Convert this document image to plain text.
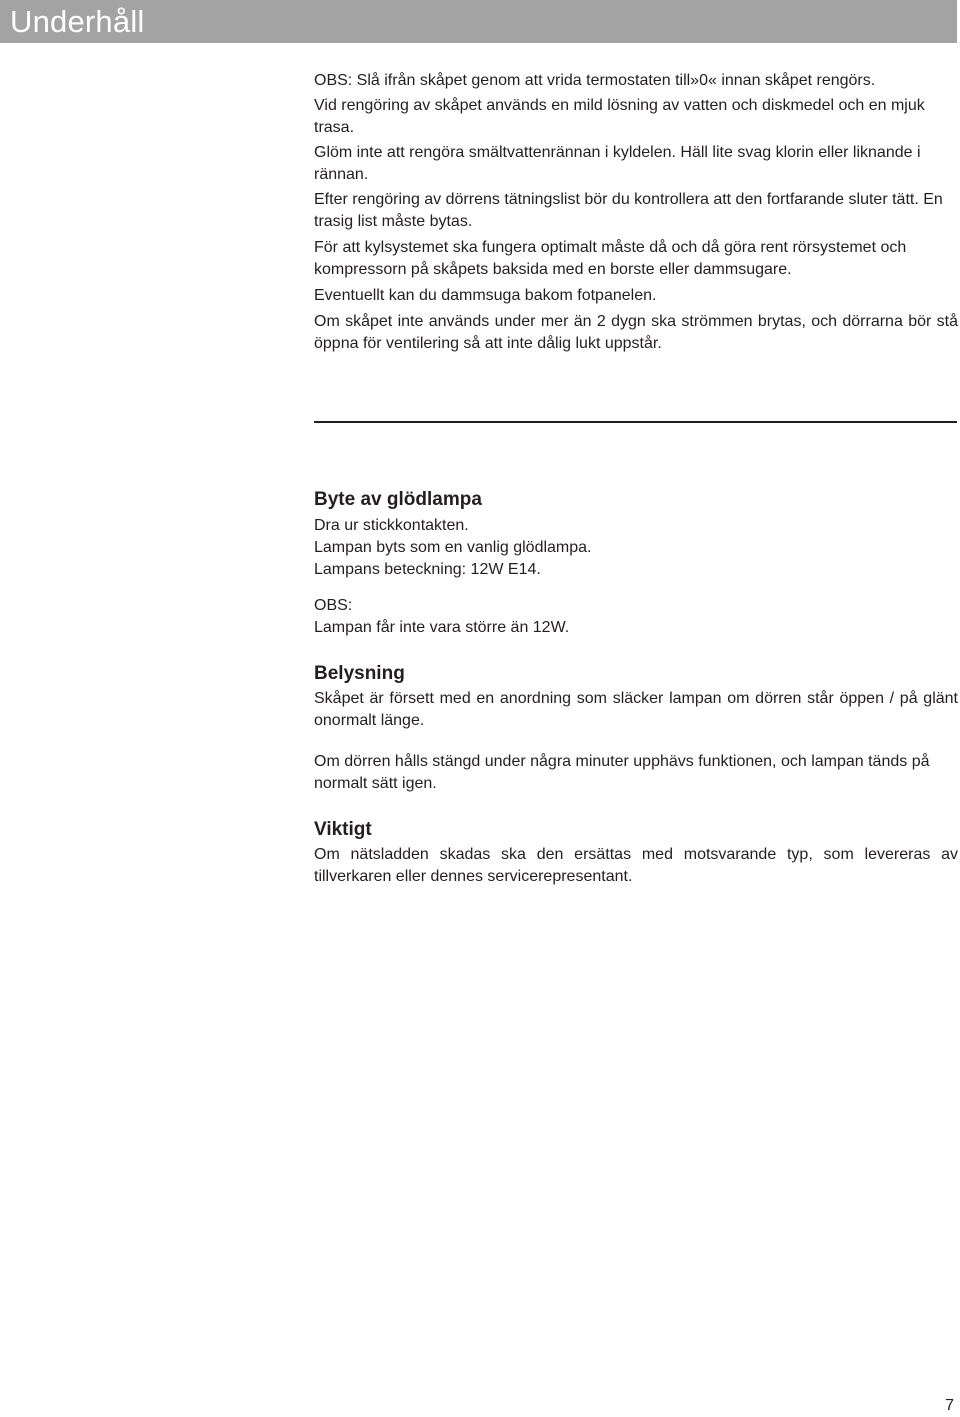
Underhåll

OBS: Slå ifrån skåpet genom att vrida termostaten till»0« innan skåpet rengörs.

Vid rengöring av skåpet används en mild lösning av vatten och diskmedel och en mjuk trasa.

Glöm inte att rengöra smältvattenrännan i kyldelen. Häll lite svag klorin eller liknande i rännan.

Efter rengöring av dörrens tätningslist bör du kontrollera att den fortfarande sluter tätt. En trasig list måste bytas.

För att kylsystemet ska fungera optimalt måste då och då göra rent rörsystemet och kompressorn på skåpets baksida med en borste eller dammsugare.

Eventuellt kan du dammsuga bakom fotpanelen.

Om skåpet inte används under mer än 2 dygn ska strömmen brytas, och dörrarna bör stå öppna för ventilering så att inte dålig lukt uppstår.

Byte av glödlampa

Dra ur stickkontakten.

Lampan byts som en vanlig glödlampa.

Lampans beteckning: 12W E14.

OBS:

Lampan får inte vara större än 12W.

Belysning

Skåpet är försett med en anordning som släcker lampan om dörren står öppen / på glänt onormalt länge.

Om dörren hålls stängd under några minuter upphävs funktionen, och lampan tänds på normalt sätt igen.

Viktigt

Om nätsladden skadas ska den ersättas med motsvarande typ, som levereras av tillverkaren eller dennes servicerepresentant.

7
